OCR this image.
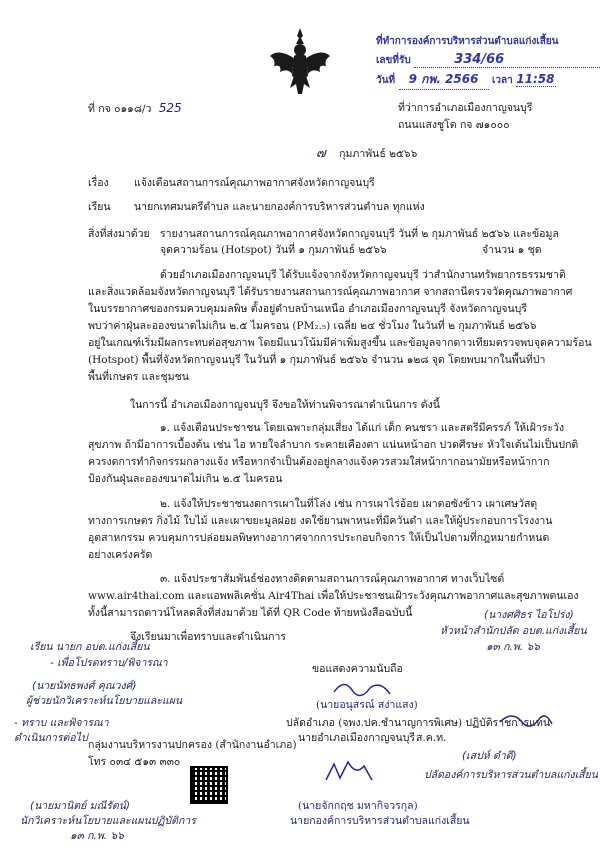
ที่ทำการองค์การบริหารส่วนตำบลแก่งเสี้ยน
เลขที่รับ	334/66
วันที่ 9 กพ. 2566 เวลา 11:58
ที่ กจ ๐๑๑๘/ว 525	ที่ว่าการอำเภอเมืองกาญจนบุรี
ถนนแสงชูโต กจ ๗๑๐๐๐
๗ กุมภาพันธ์ ๒๕๖๖
เรื่อง แจ้งเตือนสถานการณ์คุณภาพอากาศจังหวัดกาญจนบุรี
เรียน นายกเทศมนตรีตำบล และนายกองค์การบริหารส่วนตำบล ทุกแห่ง
สิ่งที่ส่งมาด้วย รายงานสถานการณ์คุณภาพอากาศจังหวัดกาญจนบุรี วันที่ ๒ กุมภาพันธ์ ๒๕๖๖ และข้อมูล
จุดความร้อน (Hotspot) วันที่ ๑ กุมภาพันธ์ ๒๕๖๖	จำนวน ๑ ชุด
ด้วยอำเภอเมืองกาญจนบุรี ได้รับแจ้งจากจังหวัดกาญจนบุรี ว่าสำนักงานทรัพยากรธรรมชาติ
และสิ่งแวดล้อมจังหวัดกาญจนบุรี ได้รับรายงานสถานการณ์คุณภาพอากาศ จากสถานีตรวจวัดคุณภาพอากาศ
ในบรรยากาศของกรมควบคุมมลพิษ ตั้งอยู่ตำบลบ้านเหนือ อำเภอเมืองกาญจนบุรี จังหวัดกาญจนบุรี
พบว่าค่าฝุ่นละอองขนาดไม่เกิน ๒.๕ ไมครอน (PM₂.₅) เฉลี่ย ๒๔ ชั่วโมง ในวันที่ ๒ กุมภาพันธ์ ๒๕๖๖
อยู่ในเกณฑ์เริ่มมีผลกระทบต่อสุขภาพ โดยมีแนวโน้มมีค่าเพิ่มสูงขึ้น และข้อมูลจากดาวเทียมตรวจพบจุดความร้อน
(Hotspot) พื้นที่จังหวัดกาญจนบุรี ในวันที่ ๑ กุมภาพันธ์ ๒๕๖๖ จำนวน ๑๒๘ จุด โดยพบมากในพื้นที่ป่า
พื้นที่เกษตร และชุมชน
ในการนี้ อำเภอเมืองกาญจนบุรี จึงขอให้ท่านพิจารณาดำเนินการ ดังนี้
๑. แจ้งเตือนประชาชน โดยเฉพาะกลุ่มเสี่ยง ได้แก่ เด็ก คนชรา และสตรีมีครรภ์ ให้เฝ้าระวัง
สุขภาพ ถ้ามีอาการเบื้องต้น เช่น ไอ หายใจลำบาก ระคายเคืองตา แน่นหน้าอก ปวดศีรษะ หัวใจเต้นไม่เป็นปกติ
ควรงดการทำกิจกรรมกลางแจ้ง หรือหากจำเป็นต้องอยู่กลางแจ้งควรสวมใส่หน้ากากอนามัยหรือหน้ากาก
ป้องกันฝุ่นละอองขนาดไม่เกิน ๒.๕ ไมครอน
๒. แจ้งให้ประชาชนงดการเผาในที่โล่ง เช่น การเผาไร่อ้อย เผาตอซังข้าว เผาเศษวัสดุ
ทางการเกษตร กิ่งไม้ ใบไม้ และเผาขยะมูลฝอย งดใช้ยานพาหนะที่มีควันดำ และให้ผู้ประกอบการโรงงาน
อุตสาหกรรม ควบคุมการปล่อยมลพิษทางอากาศจากการประกอบกิจการ ให้เป็นไปตามที่กฎหมายกำหนด
อย่างเคร่งครัด
๓. แจ้งประชาสัมพันธ์ช่องทางติดตามสถานการณ์คุณภาพอากาศ ทางเว็บไซต์
www.air4thai.com และแอพพลิเคชั่น Air4Thai เพื่อให้ประชาชนเฝ้าระวังคุณภาพอากาศและสุขภาพตนเอง
ทั้งนี้สามารถดาวน์โหลดสิ่งที่ส่งมาด้วย ได้ที่ QR Code ท้ายหนังสือฉบับนี้
จึงเรียนมาเพื่อทราบและดำเนินการ
ขอแสดงความนับถือ
(นายอนุสรณ์ สง่าแสง)
ปลัดอำเภอ (จพง.ปค.ชำนาญการพิเศษ) ปฏิบัติราชการแทน
นายอำเภอเมืองกาญจนบุรี
กลุ่มงานบริหารงานปกครอง (สำนักงานอำเภอ)
โทร ๐๓๔ ๕๑๓ ๓๓๐
เรียน นายก อบต.แก่งเสี้ยน
- เพื่อโปรดทราบ/พิจารณา
(นายนัทธพงศ์ คุณวงศ์)
ผู้ช่วยนักวิเคราะห์นโยบายและแผน
- ทราบ และพิจารณา
ดำเนินการต่อไป
(นายมานิตย์ มณีรัตน์)
นักวิเคราะห์นโยบายและแผนปฏิบัติการ
๑๓ ก.พ. ๖๖
(นางศศิธร ไอโปร่ง)
หัวหน้าสำนักปลัด อบต.แก่งเสี้ยน
๑๓ ก.พ. ๖๖
ส.ค.ท.
(เสปห์ ดำดี)
ปลัดองค์การบริหารส่วนตำบลแก่งเสี้ยน
(นายจักกฤช มหากิจวรกุล)
นายกองค์การบริหารส่วนตำบลแก่งเสี้ยน
